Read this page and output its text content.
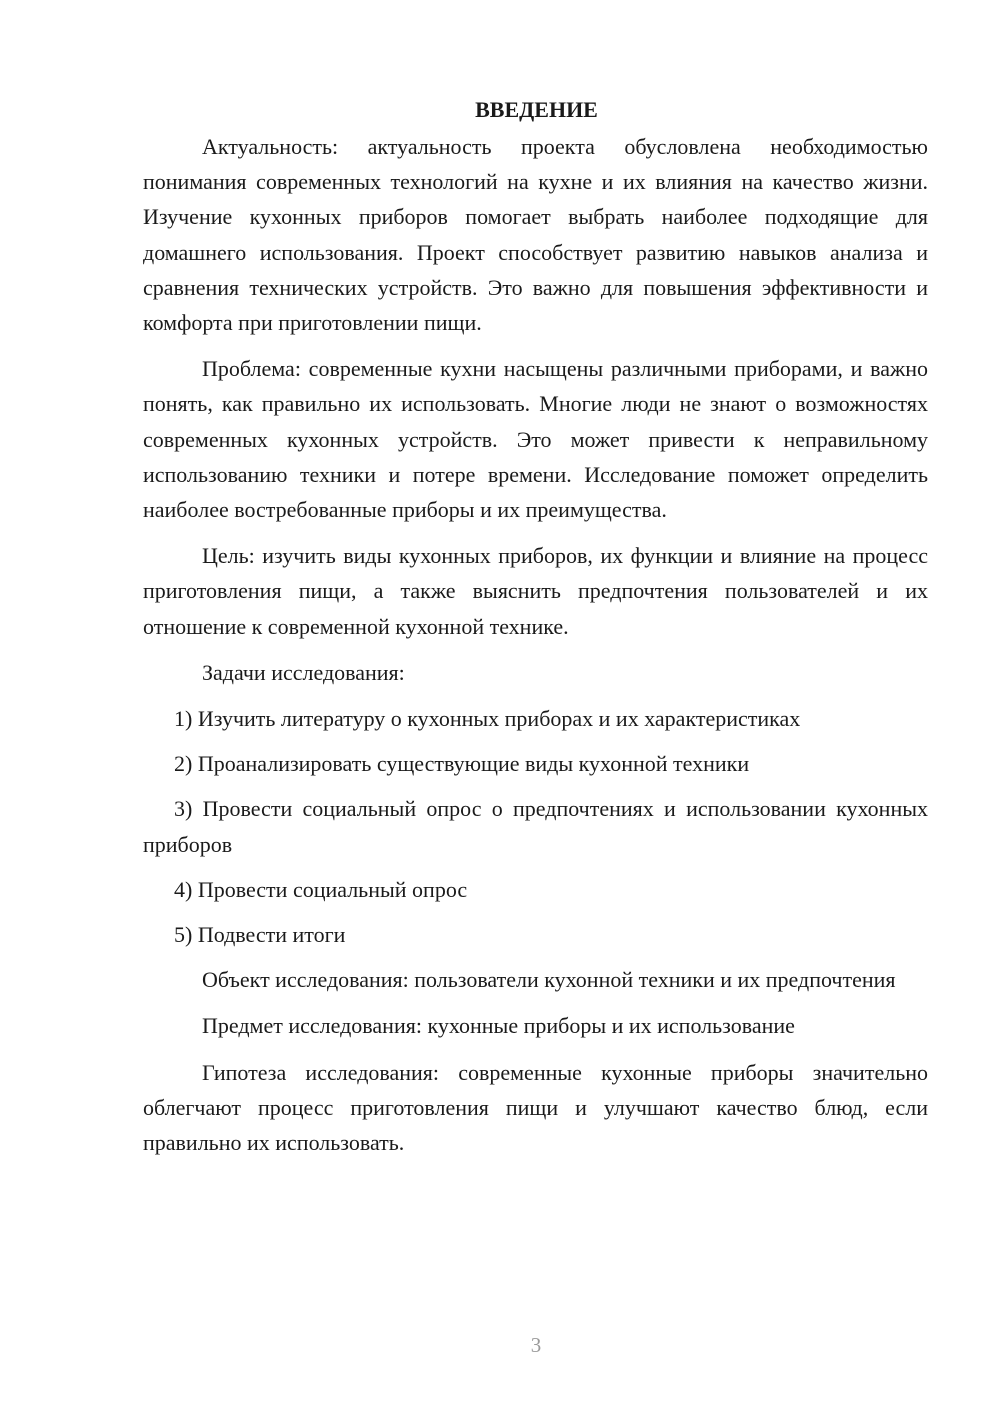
ВВЕДЕНИЕ

Актуальность: актуальность проекта обусловлена необходимостью понимания современных технологий на кухне и их влияния на качество жизни. Изучение кухонных приборов помогает выбрать наиболее подходящие для домашнего использования. Проект способствует развитию навыков анализа и сравнения технических устройств. Это важно для повышения эффективности и комфорта при приготовлении пищи.

Проблема: современные кухни насыщены различными приборами, и важно понять, как правильно их использовать. Многие люди не знают о возможностях современных кухонных устройств. Это может привести к неправильному использованию техники и потере времени. Исследование поможет определить наиболее востребованные приборы и их преимущества.

Цель: изучить виды кухонных приборов, их функции и влияние на процесс приготовления пищи, а также выяснить предпочтения пользователей и их отношение к современной кухонной технике.

Задачи исследования:

1) Изучить литературу о кухонных приборах и их характеристиках

2) Проанализировать существующие виды кухонной техники

3) Провести социальный опрос о предпочтениях и использовании кухонных приборов

4) Провести социальный опрос

5) Подвести итоги

Объект исследования: пользователи кухонной техники и их предпочтения

Предмет исследования: кухонные приборы и их использование

Гипотеза исследования: современные кухонные приборы значительно облегчают процесс приготовления пищи и улучшают качество блюд, если правильно их использовать.

3
